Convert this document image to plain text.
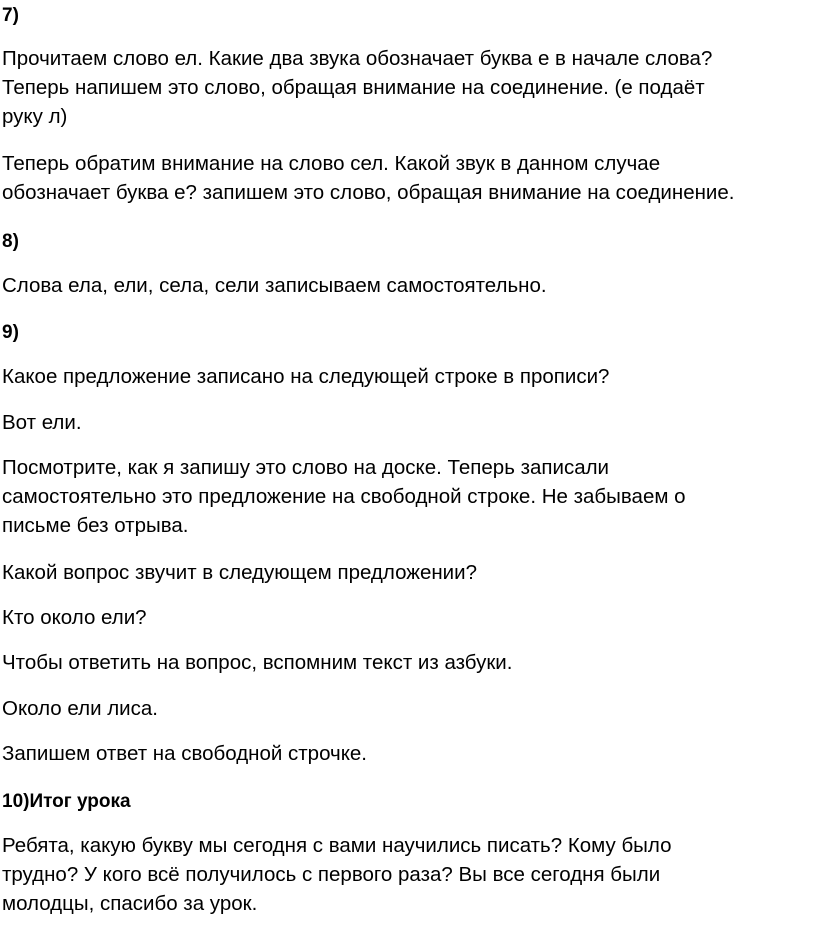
7)
Прочитаем слово ел. Какие два звука обозначает буква е в начале слова?
Теперь напишем это слово, обращая внимание на соединение. (е подаёт
руку л)
Теперь обратим внимание на слово сел. Какой звук в данном случае
обозначает буква е? запишем это слово, обращая внимание на соединение.
8)
Слова ела, ели, села, сели записываем самостоятельно.
9)
Какое предложение записано на следующей строке в прописи?
Вот ели.
Посмотрите, как я запишу это слово на доске. Теперь записали
самостоятельно это предложение на свободной строке. Не забываем о
письме без отрыва.
Какой вопрос звучит в следующем предложении?
Кто около ели?
Чтобы ответить на вопрос, вспомним текст из азбуки.
Около ели лиса.
Запишем ответ на свободной строчке.
10)Итог урока
Ребята, какую букву мы сегодня с вами научились писать? Кому было
трудно? У кого всё получилось с первого раза? Вы все сегодня были
молодцы, спасибо за урок.
